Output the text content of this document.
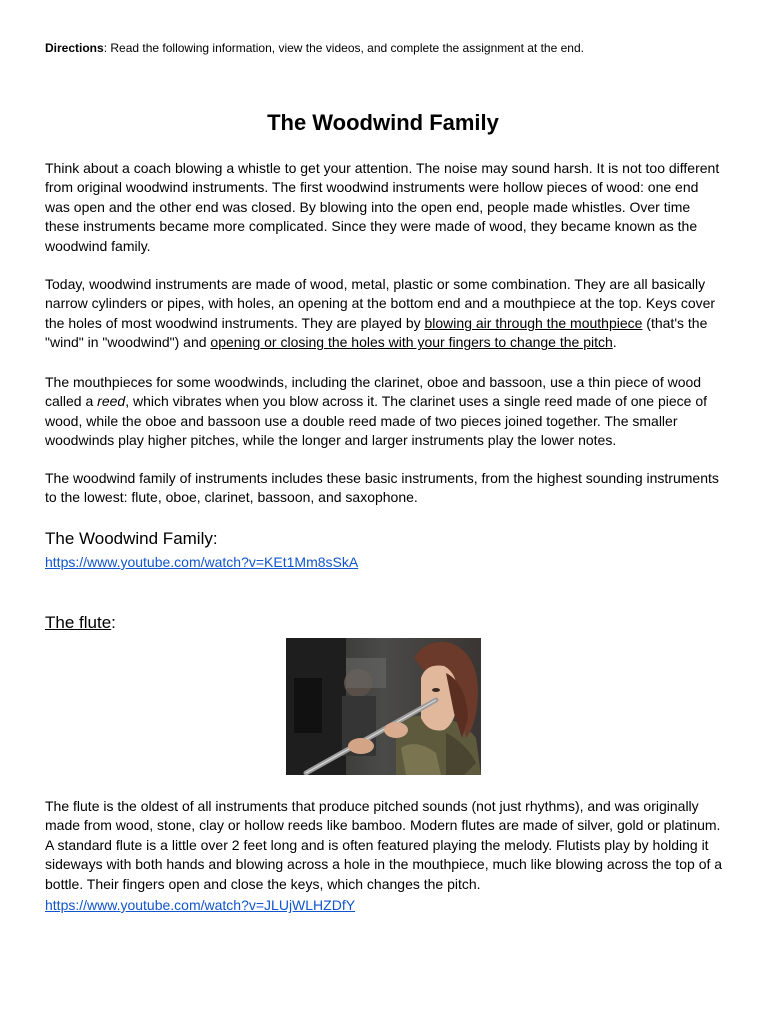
Directions: Read the following information, view the videos, and complete the assignment at the end.
The Woodwind Family

Think about a coach blowing a whistle to get your attention. The noise may sound harsh. It is not too different from original woodwind instruments. The first woodwind instruments were hollow pieces of wood: one end was open and the other end was closed. By blowing into the open end, people made whistles. Over time these instruments became more complicated. Since they were made of wood, they became known as the woodwind family.

Today, woodwind instruments are made of wood, metal, plastic or some combination. They are all basically narrow cylinders or pipes, with holes, an opening at the bottom end and a mouthpiece at the top. Keys cover the holes of most woodwind instruments. They are played by blowing air through the mouthpiece (that's the "wind" in "woodwind") and opening or closing the holes with your fingers to change the pitch.

The mouthpieces for some woodwinds, including the clarinet, oboe and bassoon, use a thin piece of wood called a reed, which vibrates when you blow across it. The clarinet uses a single reed made of one piece of wood, while the oboe and bassoon use a double reed made of two pieces joined together. The smaller woodwinds play higher pitches, while the longer and larger instruments play the lower notes.

The woodwind family of instruments includes these basic instruments, from the highest sounding instruments to the lowest: flute, oboe, clarinet, bassoon, and saxophone.

The Woodwind Family:
https://www.youtube.com/watch?v=KEt1Mm8sSkA
The flute:

The flute is the oldest of all instruments that produce pitched sounds (not just rhythms), and was originally made from wood, stone, clay or hollow reeds like bamboo. Modern flutes are made of silver, gold or platinum. A standard flute is a little over 2 feet long and is often featured playing the melody. Flutists play by holding it sideways with both hands and blowing across a hole in the mouthpiece, much like blowing across the top of a bottle. Their fingers open and close the keys, which changes the pitch.

https://www.youtube.com/watch?v=JLUjWLHZDfY
